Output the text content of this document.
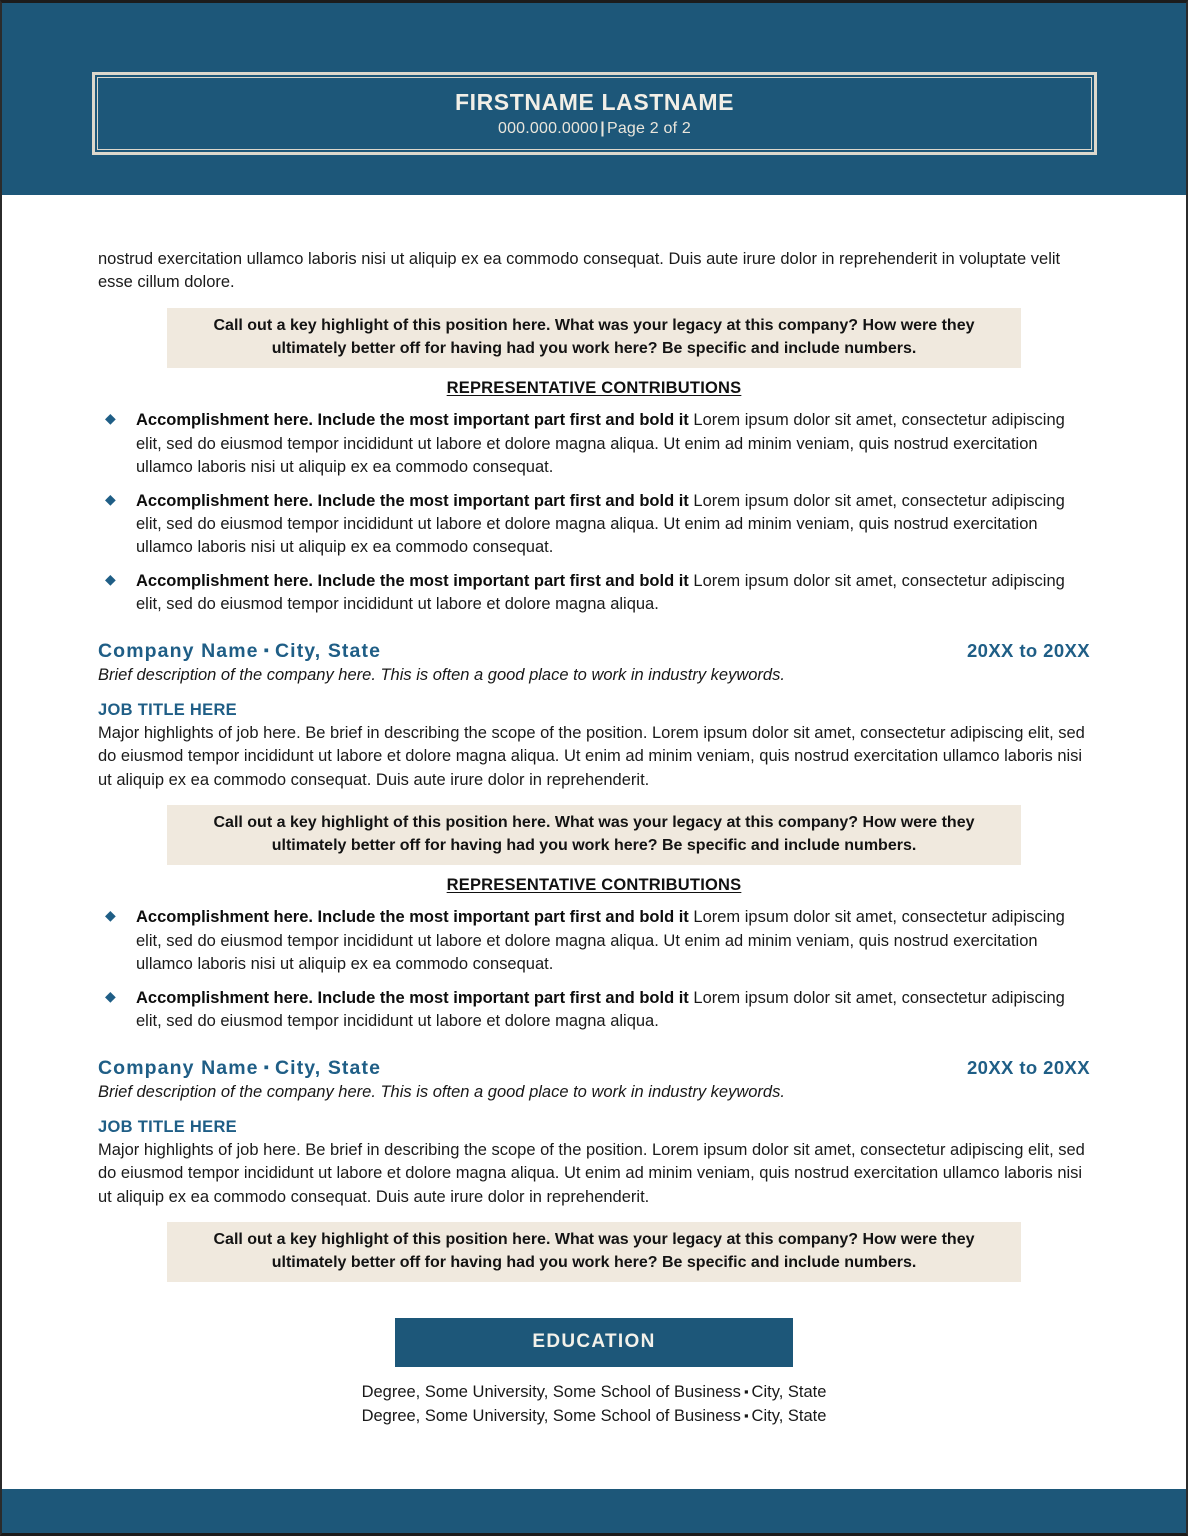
FIRSTNAME LASTNAME
000.000.0000 | Page 2 of 2

nostrud exercitation ullamco laboris nisi ut aliquip ex ea commodo consequat. Duis aute irure dolor in reprehenderit in voluptate velit esse cillum dolore.

Call out a key highlight of this position here. What was your legacy at this company? How were they ultimately better off for having had you work here? Be specific and include numbers.
REPRESENTATIVE CONTRIBUTIONS
◆ Accomplishment here. Include the most important part first and bold it Lorem ipsum dolor sit amet, consectetur adipiscing elit, sed do eiusmod tempor incididunt ut labore et dolore magna aliqua. Ut enim ad minim veniam, quis nostrud exercitation ullamco laboris nisi ut aliquip ex ea commodo consequat.
◆ Accomplishment here. Include the most important part first and bold it Lorem ipsum dolor sit amet, consectetur adipiscing elit, sed do eiusmod tempor incididunt ut labore et dolore magna aliqua. Ut enim ad minim veniam, quis nostrud exercitation ullamco laboris nisi ut aliquip ex ea commodo consequat.
◆ Accomplishment here. Include the most important part first and bold it Lorem ipsum dolor sit amet, consectetur adipiscing elit, sed do eiusmod tempor incididunt ut labore et dolore magna aliqua.
Company Name ▪ City, State	20XX to 20XX
Brief description of the company here. This is often a good place to work in industry keywords.
JOB TITLE HERE

Major highlights of job here. Be brief in describing the scope of the position. Lorem ipsum dolor sit amet, consectetur adipiscing elit, sed do eiusmod tempor incididunt ut labore et dolore magna aliqua. Ut enim ad minim veniam, quis nostrud exercitation ullamco laboris nisi ut aliquip ex ea commodo consequat. Duis aute irure dolor in reprehenderit.

Call out a key highlight of this position here. What was your legacy at this company? How were they ultimately better off for having had you work here? Be specific and include numbers.
REPRESENTATIVE CONTRIBUTIONS
◆ Accomplishment here. Include the most important part first and bold it Lorem ipsum dolor sit amet, consectetur adipiscing elit, sed do eiusmod tempor incididunt ut labore et dolore magna aliqua. Ut enim ad minim veniam, quis nostrud exercitation ullamco laboris nisi ut aliquip ex ea commodo consequat.
◆ Accomplishment here. Include the most important part first and bold it Lorem ipsum dolor sit amet, consectetur adipiscing elit, sed do eiusmod tempor incididunt ut labore et dolore magna aliqua.
Company Name ▪ City, State	20XX to 20XX
Brief description of the company here. This is often a good place to work in industry keywords.
JOB TITLE HERE

Major highlights of job here. Be brief in describing the scope of the position. Lorem ipsum dolor sit amet, consectetur adipiscing elit, sed do eiusmod tempor incididunt ut labore et dolore magna aliqua. Ut enim ad minim veniam, quis nostrud exercitation ullamco laboris nisi ut aliquip ex ea commodo consequat. Duis aute irure dolor in reprehenderit.

Call out a key highlight of this position here. What was your legacy at this company? How were they ultimately better off for having had you work here? Be specific and include numbers.
EDUCATION
Degree, Some University, Some School of Business ▪ City, State
Degree, Some University, Some School of Business ▪ City, State
